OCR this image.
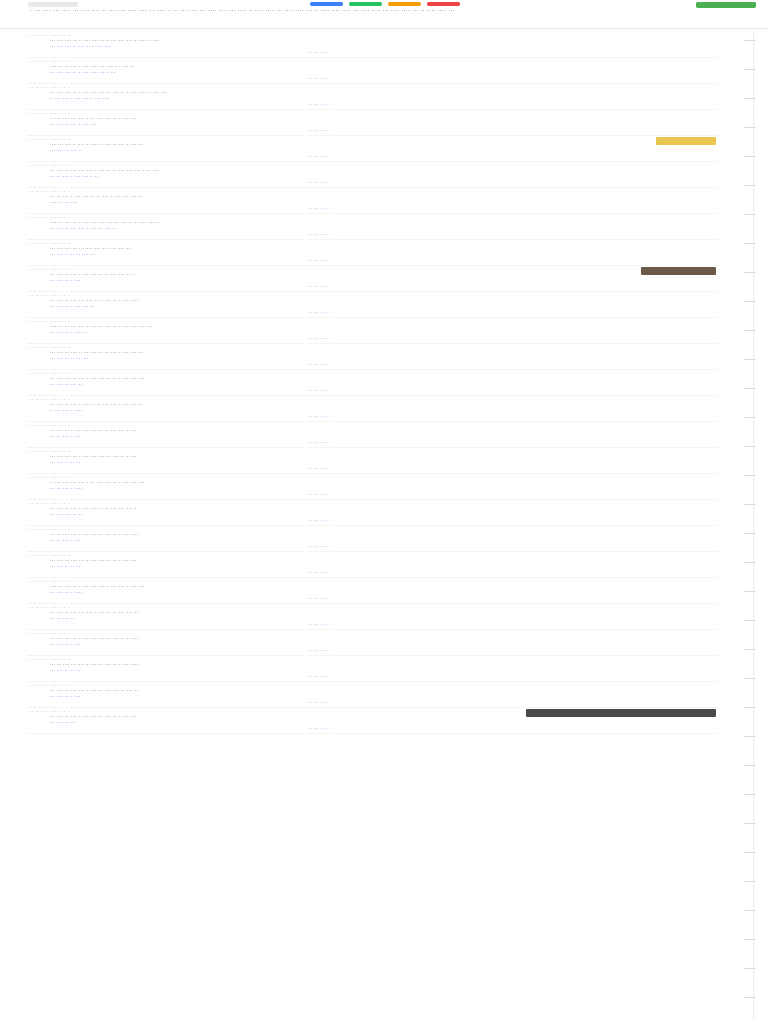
· ··· ···· ··· ···· ··· ···· ···· ·· ···· ··· ···· ···· ··· ···· ·· ·· ···· ··· ··· ···· ···· ··· ···· ·· ···· ···· ··· ···· ···· ··· ·· ···· ···· ···· ··· ···· ···· ··· ···· ···· ··· ·· ···· ···· ···
· ··· ···· ··· · ····· ·· ···· ··
··· ···· ···· ··· ·· ···· ···· ··· ·· ··· ···· ···· ··· ···· ·· ····
··· ···· ···· ·· ···· ··· ·· ···· ····
··· ···· ··· ···
· ··· ···· ··· · ····· ·· ···· ··
···· ··· ··· ···· ·· ···· ···· ··· ···· ·· ·· ··· ···
··· ···· ···· ·· ··· ···· ···· ··· ·· ···
··· ···· ··· ···
· ··· ···· ··· · ····· ·· ···· ··
··· ···· ···· ··· ·· ···· ··· ···· ··· ···· ·· ··· ···· ···· ·· ···· ····
·· ··· ···· ··· ···· ··· ·· ···· ····
··· ···· ··· ···
· ··· ···· ··· · ····· ·· ···· ··
·· ···· ···· ··· ···· ·· ··· ···· ···· ··· ·· ···· ···
··· ···· ·· ···· ··· ···· ···
··· ···· ··· ···
· ··· ···· ··· · ····· ·· ···· ··
···· ··· ···· ·· ···· ··· ···· ·· ···· ··· ··· ·· ···· ···
··· ···· ··· ···· ··
··· ···· ··· ···
· ··· ···· ··· · ····· ·· ···· ··
··· ···· ··· ···· ··· ···· ·· ···· ··· ·· ···· ····· ··· ·· ··· ····
··· ·· ···· ··· ···· ··· ·· ··
··· ···· ··· ···
· ··· ···· ··· · ····· ·· ···· ··
··· ··· ··· ·· ···· ···· ··· ·· ···· ··· ···· ··· ···· ···
···· ··· ··· ····
··· ···· ··· ···
· ··· ···· ··· · ····· ·· ···· ··
···· ··· ···· ··· ·· ···· ··· ···· ···· ··· ···· ·· ··· ···· ···· ···
··· ···· ··· ··· ···· ··· ··· ··· ···· ··
··· ···· ··· ···
· ··· ···· ··· · ····· ·· ···· ··
··· ···· ···· ··· ··· ···· ···· ··· ·· ·· ···· ···
··· ···· ·· ··· ··· ···· ···
··· ···· ··· ···
· ··· ···· ··· · ····· ·· ···· ··
··· ···· ··· ···· ·· ···· ··· ··· ·· ···· ···· ··· ··
··· ···· ·· ··· ···
··· ···· ··· ···
· ··· ···· ··· · ····· ·· ···· ··
··· ···· ··· ···· ··· ···· ··· ·· ···· ··· ·· ···· ····
··· ···· ·· ··· ···· ··· ···
··· ···· ··· ···
· ··· ···· ··· · ····· ·· ···· ··
···· ··· ··· ··· ···· ·· ···· ··· ···· ··· ·· ···· ···· ··· ····
··· ···· ·· ··· ···· ··
··· ···· ··· ···
· ··· ···· ··· · ····· ·· ···· ··
··· ···· ··· ···· ·· ···· ··· ··· ··· ···· ·· ··· ···· ···
··· ···· ··· ·· ··· ····
··· ···· ··· ···
· ··· ···· ··· · ····· ·· ···· ··
··· ···· ···· ··· ··· ·· ···· ···· ··· ·· ··· ···· ···· ···
··· ···· ·· ···· ···
··· ···· ··· ···
· ··· ···· ··· · ····· ·· ···· ··
··· ···· ··· ···· ·· ···· ·· ··· ···· ···· ·· ···· ··· ···
·· ··· ···· ··· ····
··· ···· ··· ···
· ··· ···· ··· · ····· ·· ···· ··
··· ···· ··· ·· ···· ··· ···· ··· ·· ···· ···· ··· ···
··· ·· ···· ··· ···
··· ···· ··· ···
· ··· ···· ··· · ····· ·· ···· ··
··· ···· ···· ··· ·· ··· ···· ···· ··· ···· ·· ··· ···
··· ···· ·· ··· ···
··· ···· ··· ···
· ··· ···· ··· · ····· ·· ···· ··
·· ···· ···· ··· ···· ·· ··· ···· ···· ··· ·· ···· ··· ····
··· ··· ···· ·· ····
··· ···· ··· ···
· ··· ···· ··· · ····· ·· ···· ··
··· ···· ··· ···· ·· ···· ···· ·· ··· ···· ··· ···· ··
··· ···· ···· ·· ···
··· ···· ··· ···
· ··· ···· ··· · ····· ·· ···· ··
··· ··· ···· ···· ·· ··· ···· ··· ···· ··· ·· ···· ····
··· ·· ···· ··· ···
··· ···· ··· ···
· ··· ···· ··· · ····· ·· ···· ··
··· ···· ··· ···· ··· ·· ···· ···· ··· ··· ·· ···· ···
··· ···· ·· ··· ···
··· ···· ··· ···
· ··· ···· ··· · ····· ·· ···· ··
···· ··· ···· ··· ·· ···· ··· ···· ·· ··· ···· ··· ···· ···
··· ···· ·· ··· ····
··· ···· ··· ···
· ··· ···· ··· · ····· ·· ···· ··
··· ···· ··· ···· ··· ···· ·· ···· ··· ·· ···· ···· ···
··· ··· ···· ··
··· ···· ··· ···
· ··· ···· ··· · ····· ·· ···· ··
··· ···· ···· ··· ·· ···· ··· ···· ··· ···· ·· ··· ····
··· ···· ·· ··· ···
··· ···· ··· ···
· ··· ···· ··· · ····· ·· ···· ··
··· ··· ···· ··· ···· ·· ···· ··· ···· ··· ·· ···· ····
··· ···· ·· ··· ···
··· ···· ··· ···
· ··· ···· ··· · ····· ·· ···· ··
··· ···· ··· ···· ··· ·· ···· ··· ···· ···· ·· ···· ···
··· ···· ·· ··· ···
··· ···· ··· ···
· ··· ···· ··· · ····· ·· ···· ··
··· ···· ··· ···· ·· ···· ··· ··· ···· ··· ·· ···· ···
··· ···· ··· ···
··· ···· ··· ···
